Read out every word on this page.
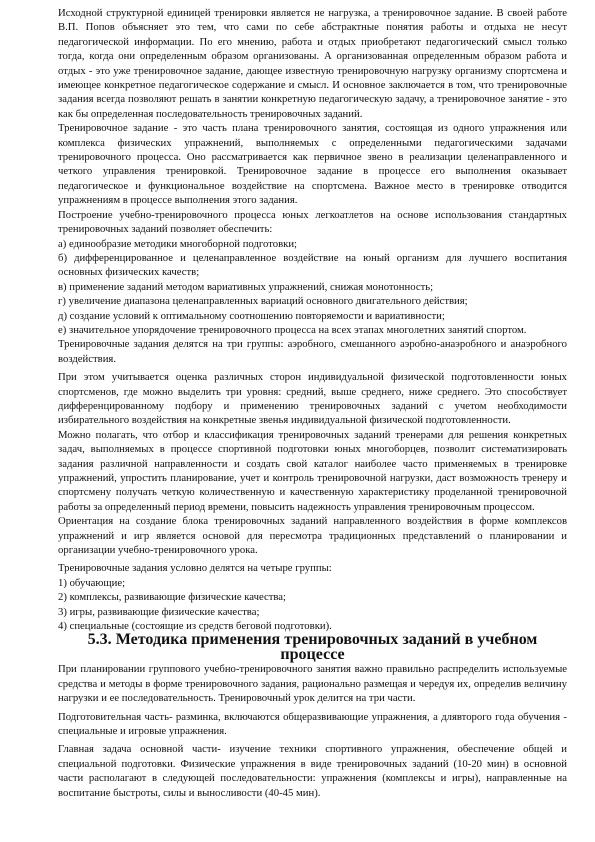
Исходной структурной единицей тренировки является не нагрузка, а тренировочное задание. В своей работе В.П. Попов объясняет это тем, что сами по себе абстрактные понятия работы и отдыха не несут педагогической информации. По его мнению, работа и отдых приобретают педагогический смысл только тогда, когда они определенным образом организованы. А организованная определенным образом работа и отдых - это уже тренировочное задание, дающее известную тренировочную нагрузку организму спортсмена и имеющее конкретное педагогическое содержание и смысл. И основное заключается в том, что тренировочные задания всегда позволяют решать в занятии конкретную педагогическую задачу, а тренировочное занятие - это как бы определенная последовательность тренировочных заданий.

Тренировочное задание - это часть плана тренировочного занятия, состоящая из одного упражнения или комплекса физических упражнений, выполняемых с определенными педагогическими задачами тренировочного процесса. Оно рассматривается как первичное звено в реализации целенаправленного и четкого управления тренировкой. Тренировочное задание в процессе его выполнения оказывает педагогическое и функциональное воздействие на спортсмена. Важное место в тренировке отводится упражнениям в процессе выполнения этого задания.

Построение учебно-тренировочного процесса юных легкоатлетов на основе использования стандартных тренировочных заданий позволяет обеспечить:

а) единообразие методики многоборной подготовки;

б) дифференцированное и целенаправленное воздействие на юный организм для лучшего воспитания основных физических качеств;

в) применение заданий методом вариативных упражнений, снижая монотонность;

г) увеличение диапазона целенаправленных вариаций основного двигательного действия;

д) создание условий к оптимальному соотношению повторяемости и вариативности;

е) значительное упорядочение тренировочного процесса на всех этапах многолетних занятий спортом.

Тренировочные задания делятся на три группы: аэробного, смешанного аэробно-анаэробного и анаэробного воздействия.

При этом учитывается оценка различных сторон индивидуальной физической подготовленности юных спортсменов, где можно выделить три уровня: средний, выше среднего, ниже среднего. Это способствует дифференцированному подбору и применению тренировочных заданий с учетом необходимости избирательного воздействия на конкретные звенья индивидуальной физической подготовленности.

Можно полагать, что отбор и классификация тренировочных заданий тренерами для решения конкретных задач, выполняемых в процессе спортивной подготовки юных многоборцев, позволит систематизировать задания различной направленности и создать свой каталог наиболее часто применяемых в тренировке упражнений, упростить планирование, учет и контроль тренировочной нагрузки, даст возможность тренеру и спортсмену получать четкую количественную и качественную характеристику проделанной тренировочной работы за определенный период времени, повысить надежность управления тренировочным процессом.

Ориентация на создание блока тренировочных заданий направленного воздействия в форме комплексов упражнений и игр является основой для пересмотра традиционных представлений о планировании и организации учебно-тренировочного урока.

Тренировочные задания условно делятся на четыре группы:

1) обучающие;

2) комплексы, развивающие физические качества;

3) игры, развивающие физические качества;

4) специальные (состоящие из средств беговой подготовки).

5.3. Методика применения тренировочных заданий в учебном процессе

При планировании группового учебно-тренировочного занятия важно правильно распределить используемые средства и методы в форме тренировочного задания, рационально размещая и чередуя их, определив величину нагрузки и ее последовательность. Тренировочный урок делится на три части.

Подготовительная часть- разминка, включаются общеразвивающие упражнения, а длявторого года обучения - специальные и игровые упражнения.

Главная задача основной части- изучение техники спортивного упражнения, обеспечение общей и специальной подготовки. Физические упражнения в виде тренировочных заданий (10-20 мин) в основной части располагают в следующей последовательности: упражнения (комплексы и игры), направленные на воспитание быстроты, силы и выносливости (40-45 мин).
